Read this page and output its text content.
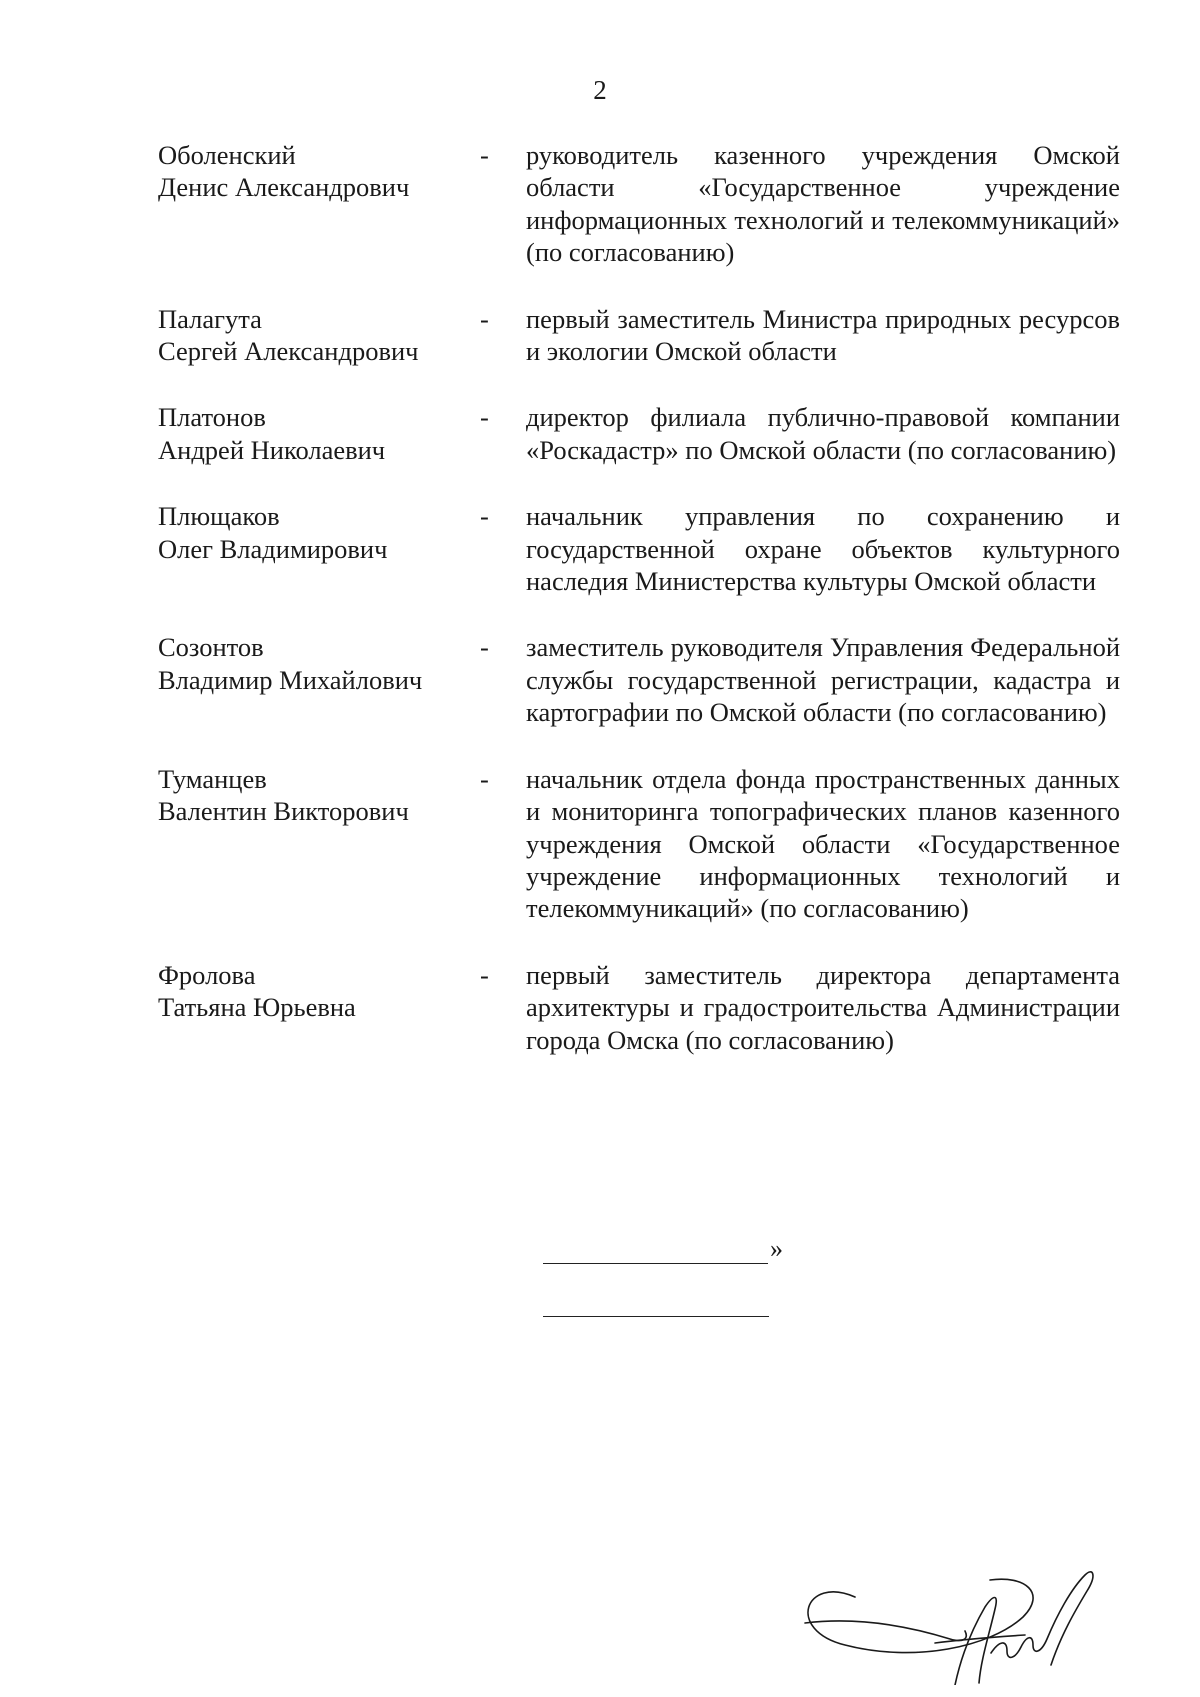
2
Оболенский
Денис Александрович
-	руководитель казенного учреждения Омской области «Государственное учреждение информационных технологий и телекоммуникаций» (по согласованию)
Палагута
Сергей Александрович
-	первый заместитель Министра природных ресурсов и экологии Омской области
Платонов
Андрей Николаевич
-	директор филиала публично-правовой компании «Роскадастр» по Омской области (по согласованию)
Плющаков
Олег Владимирович
-	начальник управления по сохранению и государственной охране объектов культурного наследия Министерства культуры Омской области
Созонтов
Владимир Михайлович
-	заместитель руководителя Управления Федеральной службы государственной регистрации, кадастра и картографии по Омской области (по согласованию)
Туманцев
Валентин Викторович
-	начальник отдела фонда пространственных данных и мониторинга топографических планов казенного учреждения Омской области «Государственное учреждение информационных технологий и телекоммуникаций» (по согласованию)
Фролова
Татьяна Юрьевна
-	первый заместитель директора департамента архитектуры и градостроительства Администрации города Омска (по согласованию)
»
